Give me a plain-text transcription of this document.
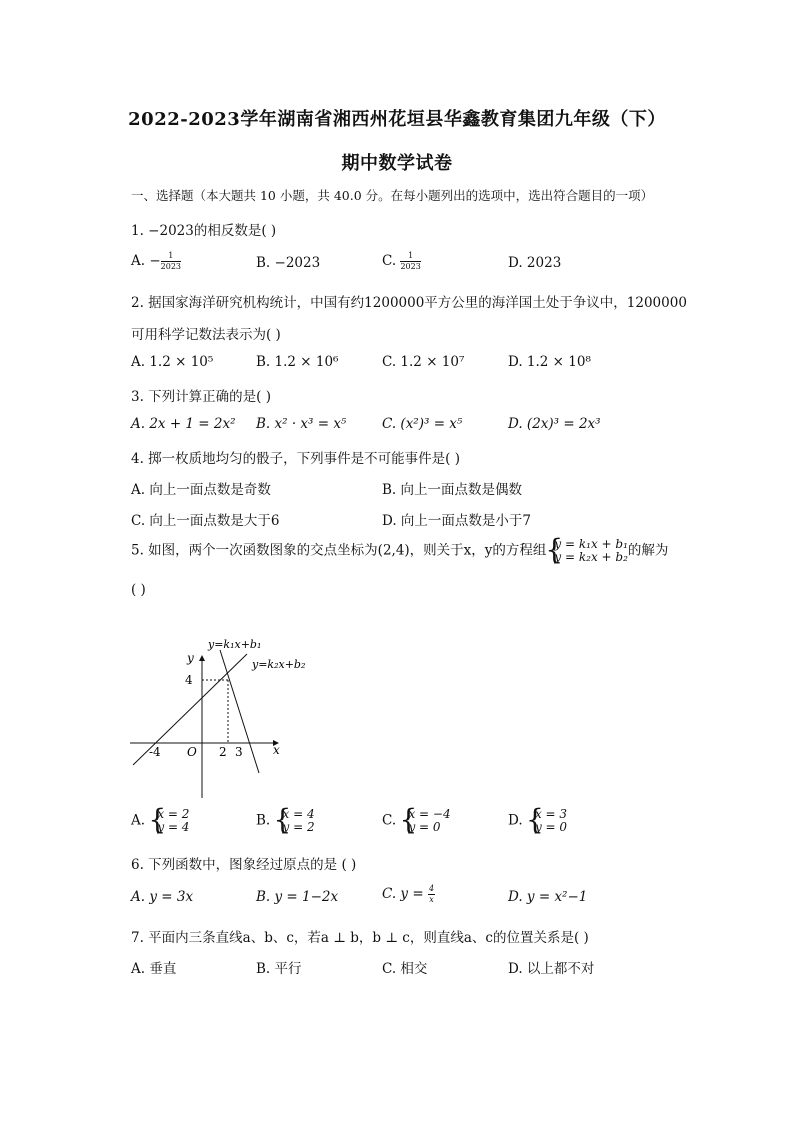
2022-2023学年湖南省湘西州花垣县华鑫教育集团九年级（下）
期中数学试卷
一、选择题（本大题共 10 小题，共 40.0 分。在每小题列出的选项中，选出符合题目的一项）
1. −2023的相反数是( )
A. − $\frac{1}{2023}$	B. −2023	C. $\frac{1}{2023}$	D. 2023
2. 据国家海洋研究机构统计，中国有约1200000平方公里的海洋国土处于争议中，1200000
可用科学记数法表示为( )
A. 1.2 × 10⁵	B. 1.2 × 10⁶	C. 1.2 × 10⁷	D. 1.2 × 10⁸
3. 下列计算正确的是( )
A. 2x + 1 = 2x² B. x² · x³ = x⁵	C. (x²)³ = x⁵	D. (2x)³ = 2x³
4. 掷一枚质地均匀的骰子，下列事件是不可能事件是( )
A. 向上一面点数是奇数	B. 向上一面点数是偶数
C. 向上一面点数是大于6	D. 向上一面点数是小于7
5. 如图，两个一次函数图象的交点坐标为(2,4)，则关于x，y的方程组 { y = k₁x + b₁
y = k₂x + b₂ 的解为
( )
y=k₁x+b₁
y=k₂x+b₂
y
x
O
-4	2 3
4
A. { x = 2
y = 4	B. { x = 4
y = 2	C. { x = −4
y = 0	D. { x = 3
y = 0
6. 下列函数中，图象经过原点的是 ( )
A. y = 3x	B. y = 1−2x	C. $y = \frac{4}{x}$	D. y = x²−1
7. 平面内三条直线a、b、c，若a ⊥ b，b ⊥ c，则直线a、c的位置关系是( )
A. 垂直	B. 平行	C. 相交	D. 以上都不对
